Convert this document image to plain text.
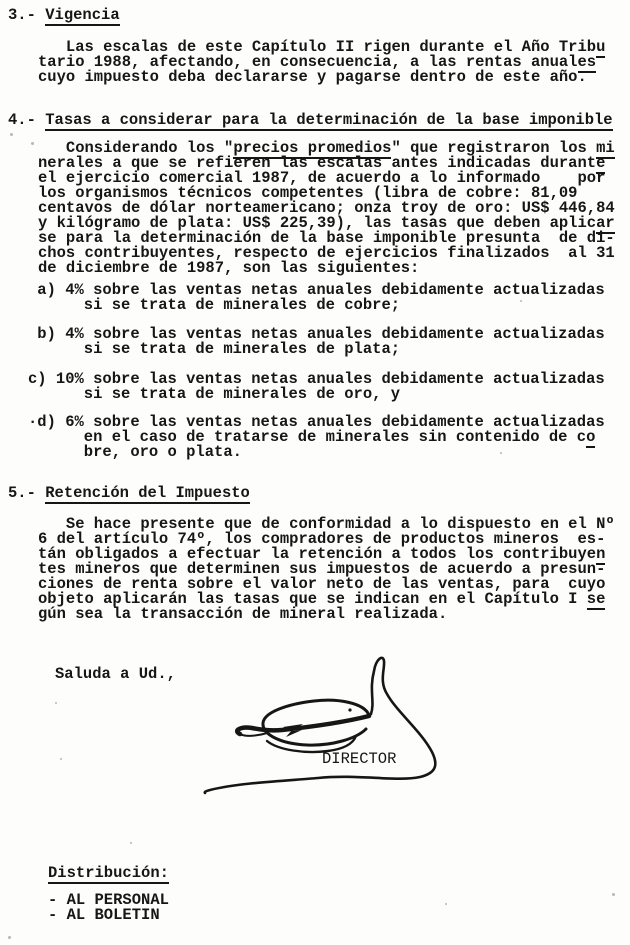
3.- Vigencia
Las escalas de este Capítulo II rigen durante el Año Tribu
tario 1988, afectando, en consecuencia, a las rentas anuales
cuyo impuesto deba declararse y pagarse dentro de este año.
4.- Tasas a considerar para la determinación de la base imponible
Considerando los "precios promedios" que registraron los mi
nerales a que se refieren las escalas antes indicadas durante
el ejercicio comercial 1987, de acuerdo a lo informado    por
los organismos técnicos competentes (libra de cobre: 81,09
centavos de dólar norteamericano; onza troy de oro: US$ 446,84
y kilógramo de plata: US$ 225,39), las tasas que deben aplicar
se para la determinación de la base imponible presunta  de di-
chos contribuyentes, respecto de ejercicios finalizados  al 31
de diciembre de 1987, son las siguientes:
a) 4% sobre las ventas netas anuales debidamente actualizadas
si se trata de minerales de cobre;
b) 4% sobre las ventas netas anuales debidamente actualizadas
si se trata de minerales de plata;
c) 10% sobre las ventas netas anuales debidamente actualizadas
si se trata de minerales de oro, y
·d) 6% sobre las ventas netas anuales debidamente actualizadas
en el caso de tratarse de minerales sin contenido de co
bre, oro o plata.
5.- Retención del Impuesto
Se hace presente que de conformidad a lo dispuesto en el Nº
6 del artículo 74º, los compradores de productos mineros  es-
tán obligados a efectuar la retención a todos los contribuyen
tes mineros que determinen sus impuestos de acuerdo a presun-
ciones de renta sobre el valor neto de las ventas, para  cuyo
objeto aplicarán las tasas que se indican en el Capítulo I se
gún sea la transacción de mineral realizada.
Saluda a Ud.,
DIRECTOR
Distribución:
- AL PERSONAL
- AL BOLETIN
